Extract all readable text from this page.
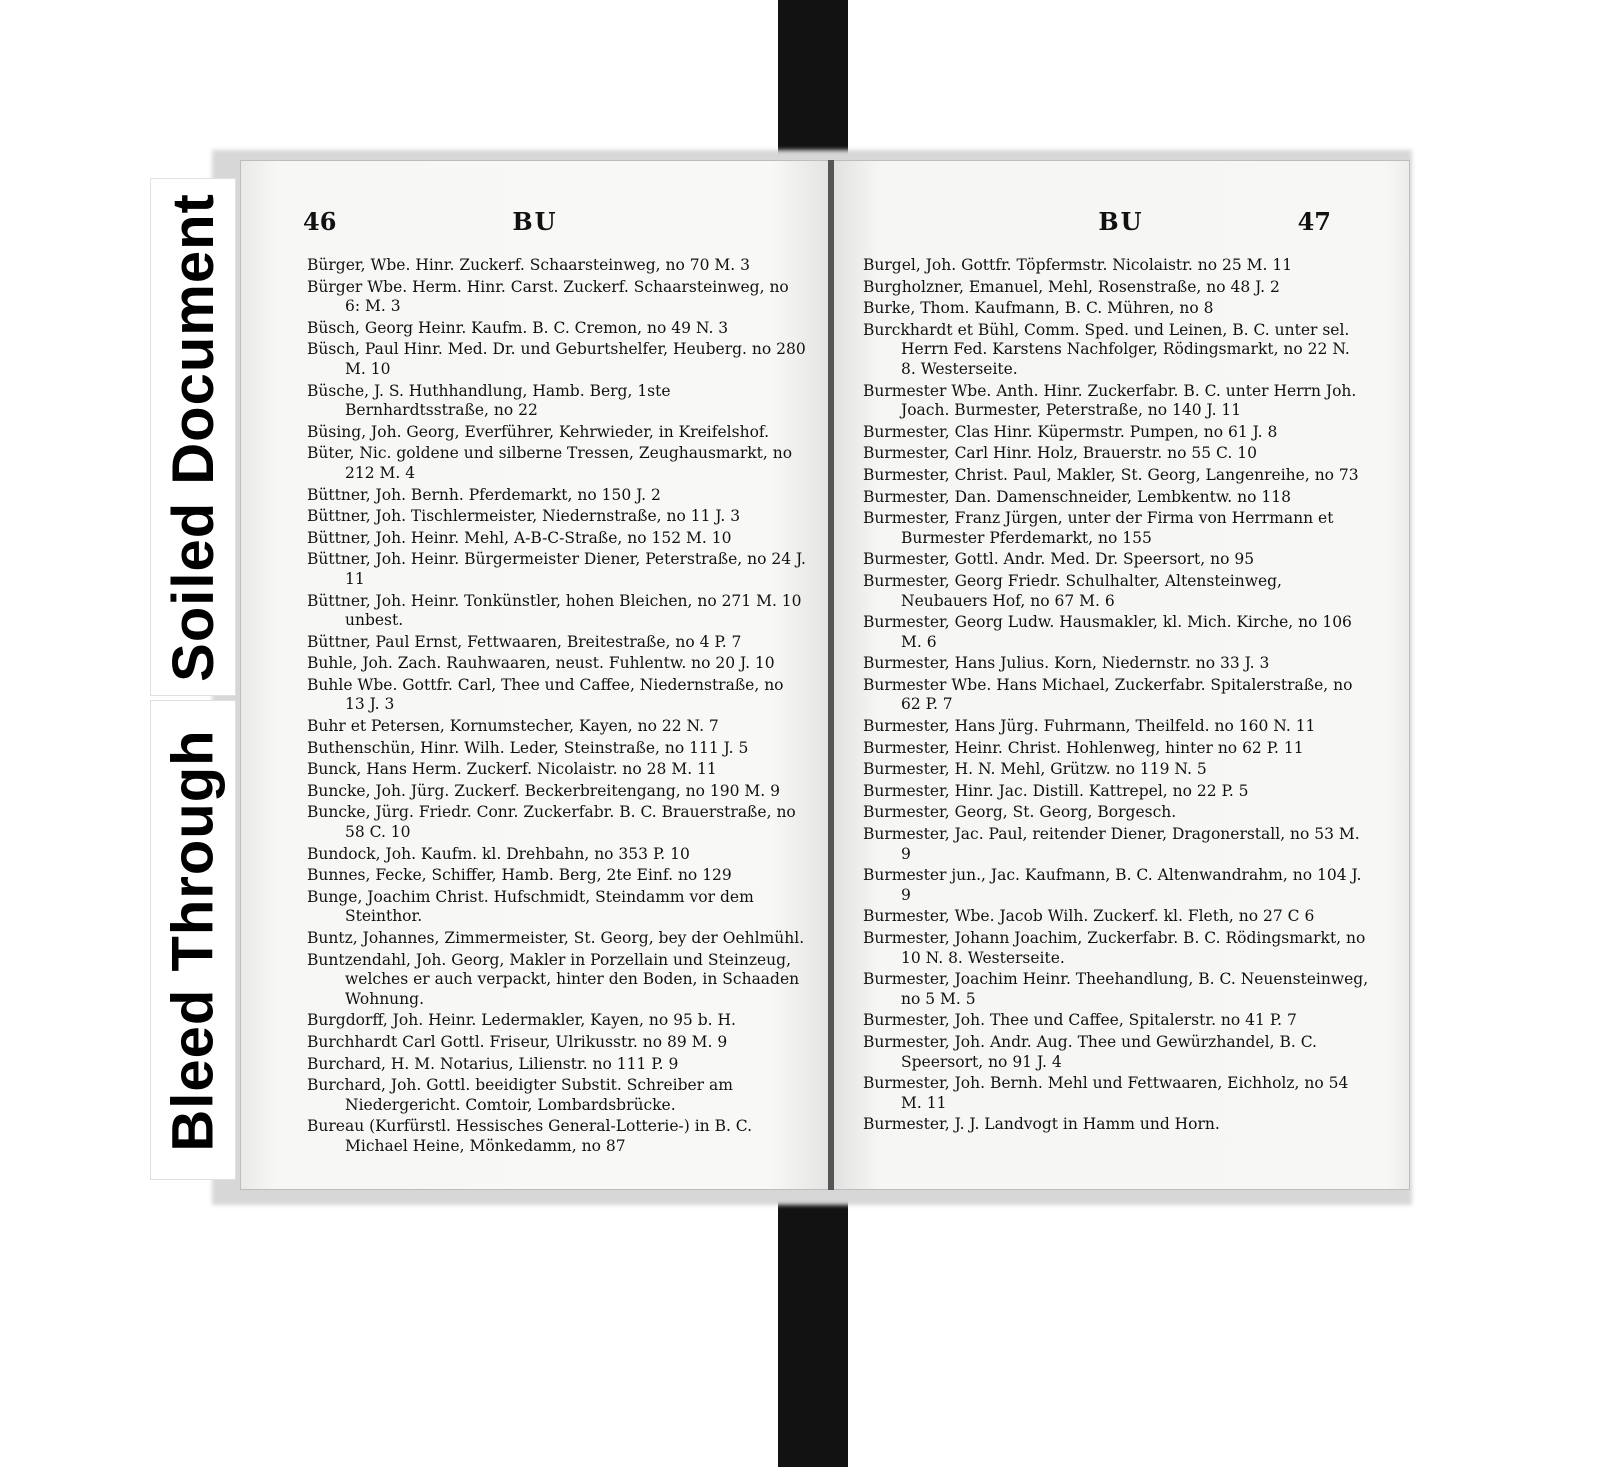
Soiled Document
Bleed Through
46	BU
Bürger, Wbe. Hinr. Zuckerf. Schaarsteinweg, no 70 M. 3
Bürger Wbe. Herm. Hinr. Carst. Zuckerf. Schaarsteinweg, no 6: M. 3
Büsch, Georg Heinr. Kaufm. B. C. Cremon, no 49 N. 3
Büsch, Paul Hinr. Med. Dr. und Geburtshelfer, Heuberg. no 280 M. 10
Büsche, J. S. Huthhandlung, Hamb. Berg, 1ste Bernhardtsstraße, no 22
Büsing, Joh. Georg, Everführer, Kehrwieder, in Kreifelshof.
Büter, Nic. goldene und silberne Tressen, Zeughausmarkt, no 212 M. 4
Büttner, Joh. Bernh. Pferdemarkt, no 150 J. 2
Büttner, Joh. Tischlermeister, Niedernstraße, no 11 J. 3
Büttner, Joh. Heinr. Mehl, A-B-C-Straße, no 152 M. 10
Büttner, Joh. Heinr. Bürgermeister Diener, Peterstraße, no 24 J. 11
Büttner, Joh. Heinr. Tonkünstler, hohen Bleichen, no 271 M. 10 unbest.
Büttner, Paul Ernst, Fettwaaren, Breitestraße, no 4 P. 7
Buhle, Joh. Zach. Rauhwaaren, neust. Fuhlentw. no 20 J. 10
Buhle Wbe. Gottfr. Carl, Thee und Caffee, Niedernstraße, no 13 J. 3
Buhr et Petersen, Kornumstecher, Kayen, no 22 N. 7
Buthenschün, Hinr. Wilh. Leder, Steinstraße, no 111 J. 5
Bunck, Hans Herm. Zuckerf. Nicolaistr. no 28 M. 11
Buncke, Joh. Jürg. Zuckerf. Beckerbreitengang, no 190 M. 9
Buncke, Jürg. Friedr. Conr. Zuckerfabr. B. C. Brauerstraße, no 58 C. 10
Bundock, Joh. Kaufm. kl. Drehbahn, no 353 P. 10
Bunnes, Fecke, Schiffer, Hamb. Berg, 2te Einf. no 129
Bunge, Joachim Christ. Hufschmidt, Steindamm vor dem Steinthor.
Buntz, Johannes, Zimmermeister, St. Georg, bey der Oehlmühl.
Buntzendahl, Joh. Georg, Makler in Porzellain und Steinzeug, welches er auch verpackt, hinter den Boden, in Schaaden Wohnung.
Burgdorff, Joh. Heinr. Ledermakler, Kayen, no 95 b. H.
Burchhardt Carl Gottl. Friseur, Ulrikusstr. no 89 M. 9
Burchard, H. M. Notarius, Lilienstr. no 111 P. 9
Burchard, Joh. Gottl. beeidigter Substit. Schreiber am Niedergericht. Comtoir, Lombardsbrücke.
Bureau (Kurfürstl. Hessisches General-Lotterie-) in B. C. Michael Heine, Mönkedamm, no 87
BU	47
Burgel, Joh. Gottfr. Töpfermstr. Nicolaistr. no 25 M. 11
Burgholzner, Emanuel, Mehl, Rosenstraße, no 48 J. 2
Burke, Thom. Kaufmann, B. C. Mühren, no 8
Burckhardt et Bühl, Comm. Sped. und Leinen, B. C. unter sel. Herrn Fed. Karstens Nachfolger, Rödingsmarkt, no 22 N. 8. Westerseite.
Burmester Wbe. Anth. Hinr. Zuckerfabr. B. C. unter Herrn Joh. Joach. Burmester, Peterstraße, no 140 J. 11
Burmester, Clas Hinr. Küpermstr. Pumpen, no 61 J. 8
Burmester, Carl Hinr. Holz, Brauerstr. no 55 C. 10
Burmester, Christ. Paul, Makler, St. Georg, Langenreihe, no 73
Burmester, Dan. Damenschneider, Lembkentw. no 118
Burmester, Franz Jürgen, unter der Firma von Herrmann et Burmester Pferdemarkt, no 155
Burmester, Gottl. Andr. Med. Dr. Speersort, no 95
Burmester, Georg Friedr. Schulhalter, Altensteinweg, Neubauers Hof, no 67 M. 6
Burmester, Georg Ludw. Hausmakler, kl. Mich. Kirche, no 106 M. 6
Burmester, Hans Julius. Korn, Niedernstr. no 33 J. 3
Burmester Wbe. Hans Michael, Zuckerfabr. Spitalerstraße, no 62 P. 7
Burmester, Hans Jürg. Fuhrmann, Theilfeld. no 160 N. 11
Burmester, Heinr. Christ. Hohlenweg, hinter no 62 P. 11
Burmester, H. N. Mehl, Grützw. no 119 N. 5
Burmester, Hinr. Jac. Distill. Kattrepel, no 22 P. 5
Burmester, Georg, St. Georg, Borgesch.
Burmester, Jac. Paul, reitender Diener, Dragonerstall, no 53 M. 9
Burmester jun., Jac. Kaufmann, B. C. Altenwandrahm, no 104 J. 9
Burmester, Wbe. Jacob Wilh. Zuckerf. kl. Fleth, no 27 C 6
Burmester, Johann Joachim, Zuckerfabr. B. C. Rödingsmarkt, no 10 N. 8. Westerseite.
Burmester, Joachim Heinr. Theehandlung, B. C. Neuensteinweg, no 5 M. 5
Burmester, Joh. Thee und Caffee, Spitalerstr. no 41 P. 7
Burmester, Joh. Andr. Aug. Thee und Gewürzhandel, B. C. Speersort, no 91 J. 4
Burmester, Joh. Bernh. Mehl und Fettwaaren, Eichholz, no 54 M. 11
Burmester, J. J. Landvogt in Hamm und Horn.
